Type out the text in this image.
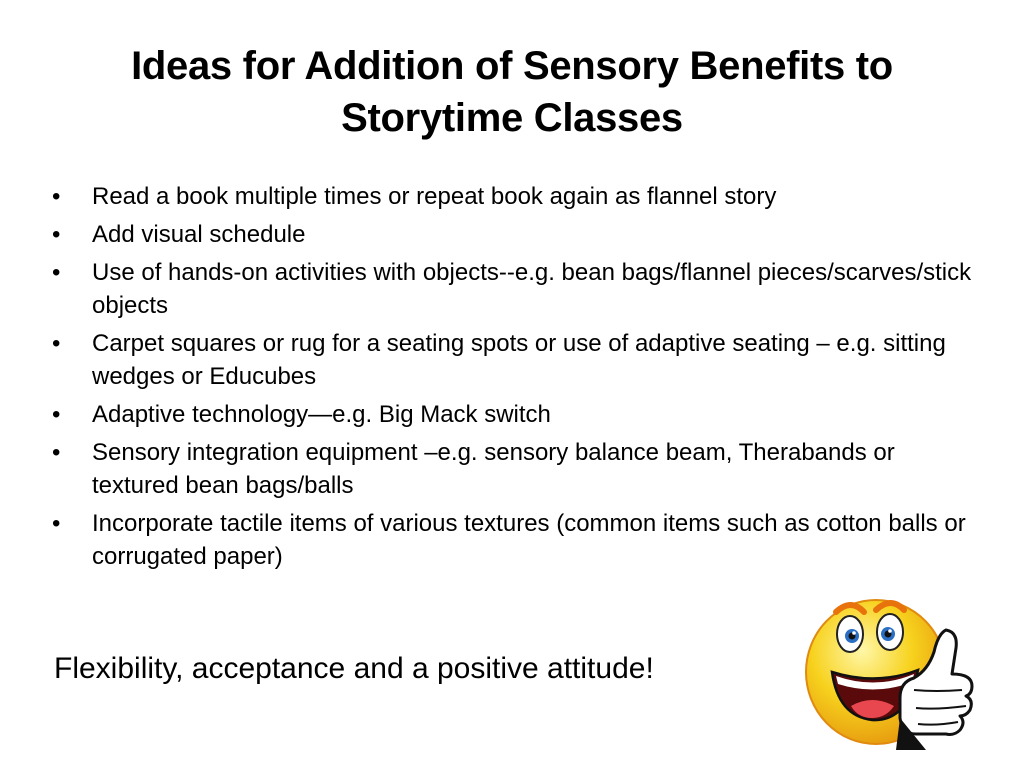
Ideas for Addition of Sensory Benefits to Storytime Classes
•	Read a book multiple times or repeat book again as flannel story
•	Add visual schedule
•	Use of hands-on activities with objects--e.g. bean bags/flannel pieces/scarves/stick objects
•	Carpet squares or rug for a seating spots or use of adaptive seating – e.g. sitting wedges or Educubes
•	Adaptive technology—e.g. Big Mack switch
•	Sensory integration equipment –e.g. sensory balance beam, Therabands or textured bean bags/balls
•	Incorporate tactile items of various textures (common items such as cotton balls or corrugated paper)
Flexibility, acceptance and a positive attitude!
